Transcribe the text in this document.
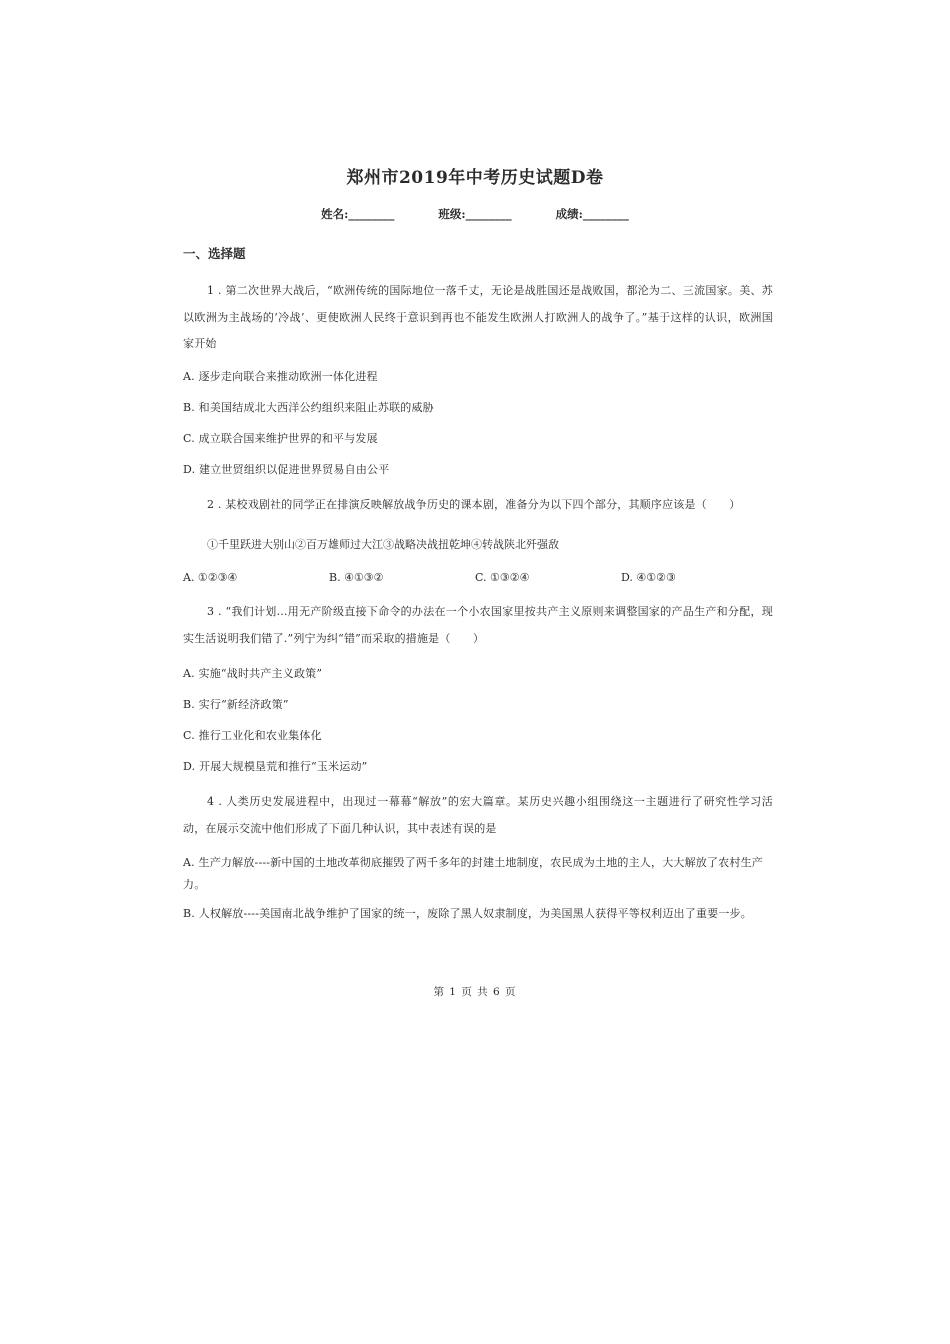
郑州市2019年中考历史试题D卷
姓名:________	班级:________	成绩:________
一、选择题
1 . 第二次世界大战后，“欧洲传统的国际地位一落千丈，无论是战胜国还是战败国，都沦为二、三流国家。美、苏以欧洲为主战场的‘冷战’、更使欧洲人民终于意识到再也不能发生欧洲人打欧洲人的战争了。”基于这样的认识，欧洲国家开始
A. 逐步走向联合来推动欧洲一体化进程
B. 和美国结成北大西洋公约组织来阻止苏联的威胁
C. 成立联合国来维护世界的和平与发展
D. 建立世贸组织以促进世界贸易自由公平
2 . 某校戏剧社的同学正在排演反映解放战争历史的课本剧，准备分为以下四个部分，其顺序应该是（　　）
①千里跃进大别山②百万雄师过大江③战略决战扭乾坤④转战陕北歼强敌
A. ①②③④	B. ④①③②	C. ①③②④	D. ④①②③
3 . “我们计划…用无产阶级直接下命令的办法在一个小农国家里按共产主义原则来调整国家的产品生产和分配，现实生活说明我们错了.”列宁为纠“错”而采取的措施是（　　）
A. 实施“战时共产主义政策”
B. 实行“新经济政策”
C. 推行工业化和农业集体化
D. 开展大规模垦荒和推行“玉米运动”
4 . 人类历史发展进程中，出现过一幕幕“解放”的宏大篇章。某历史兴趣小组围绕这一主题进行了研究性学习活动，在展示交流中他们形成了下面几种认识，其中表述有误的是
A. 生产力解放----新中国的土地改革彻底摧毁了两千多年的封建土地制度，农民成为土地的主人，大大解放了农村生产力。
B. 人权解放----美国南北战争维护了国家的统一，废除了黑人奴隶制度，为美国黑人获得平等权利迈出了重要一步。
第 1 页 共 6 页
